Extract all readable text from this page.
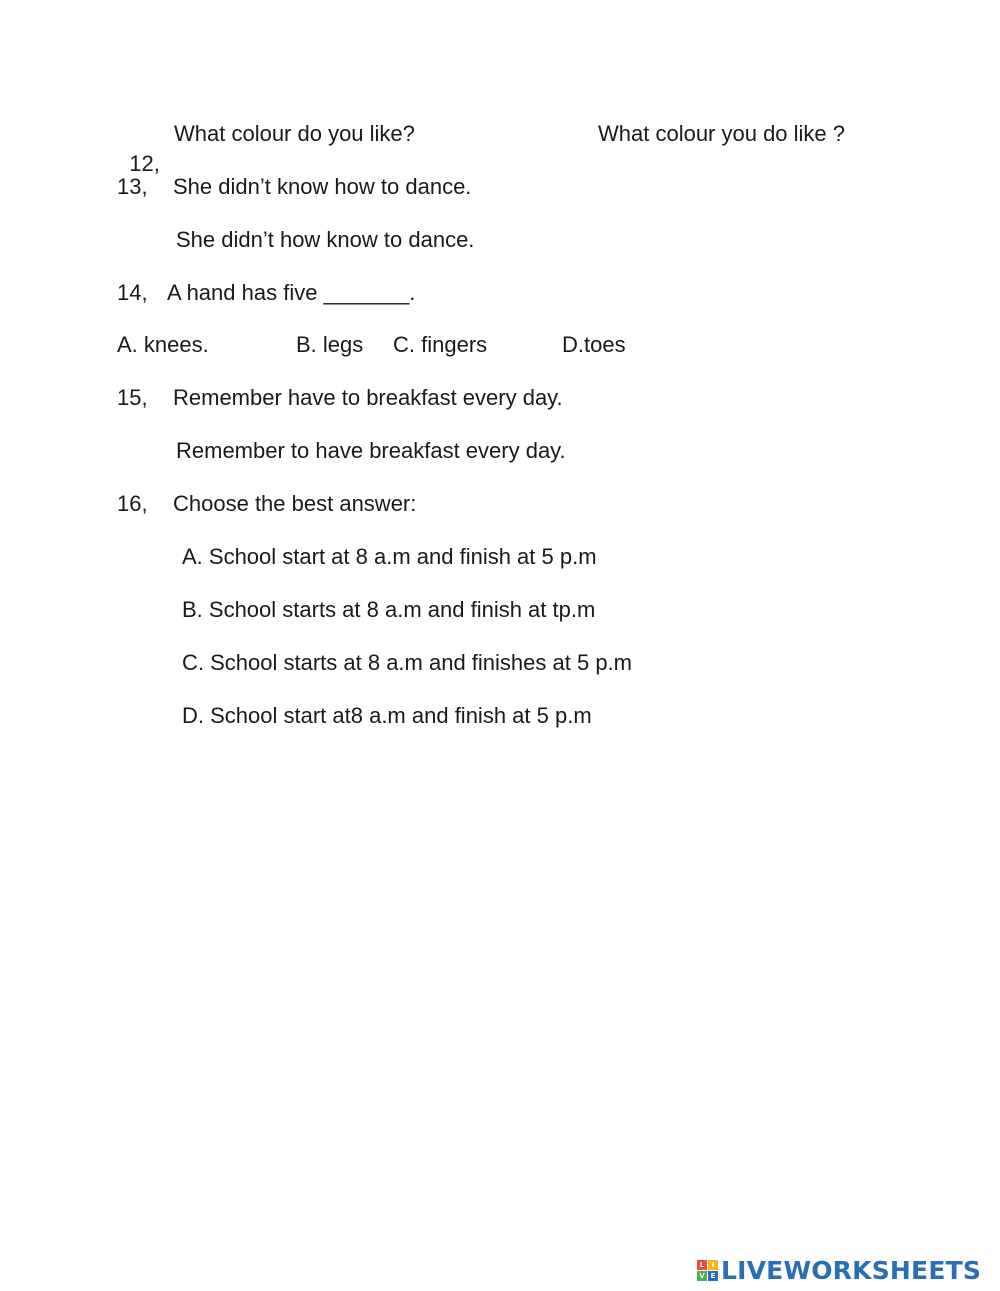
12,

What colour do you like?	What colour you do like ?
13, She didn’t know how to dance.
She didn’t how know to dance.
14, A hand has five _______.
A. knees.	B. legs C. fingers	D.toes
15, Remember have to breakfast every day.
Remember to have breakfast every day.
16, Choose the best answer:
A. School start at 8 a.m and finish at 5 p.m
B. School starts at 8 a.m and finish at tp.m
C. School starts at 8 a.m and finishes at 5 p.m
D. School start at8 a.m and finish at 5 p.m
L	I
V E LIVEWORKSHEETS
